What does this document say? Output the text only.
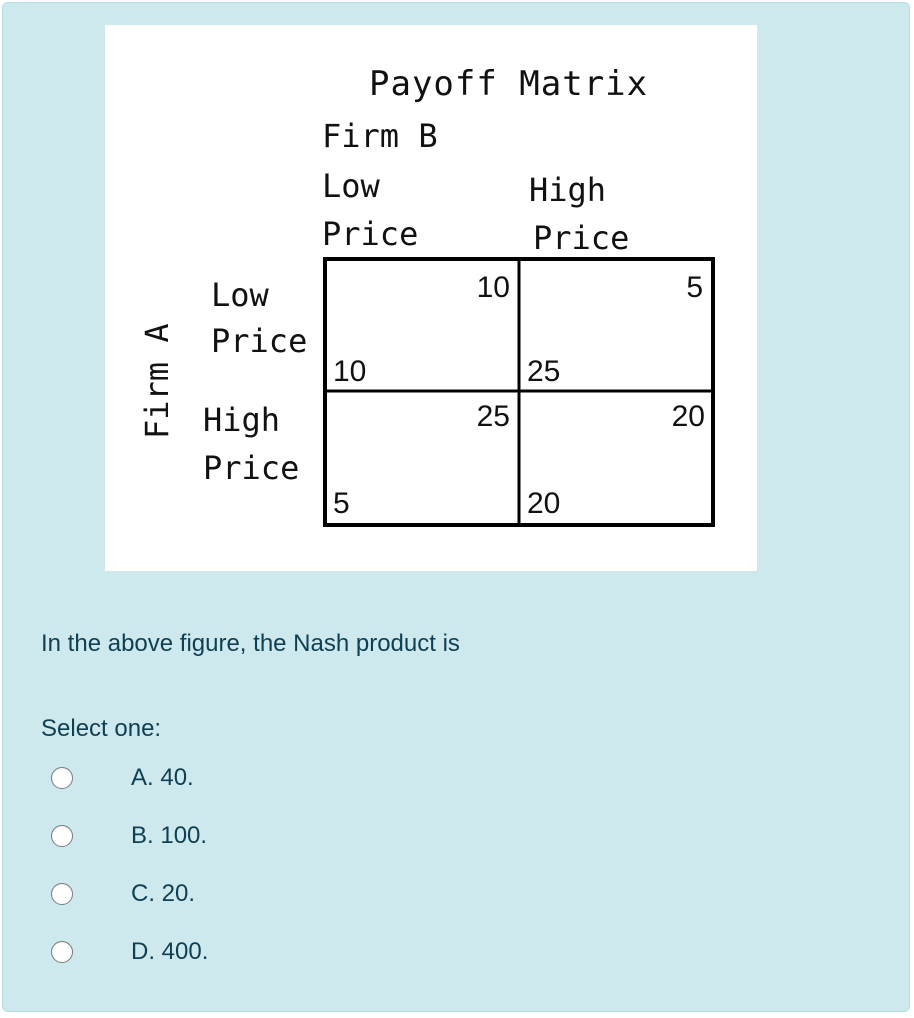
Payoff Matrix
Firm B
Low
Price
High
Price
Firm A
Low
Price
High
Price
10
10
5
25
25
5
20
20
In the above figure, the Nash product is
Select one:
A. 40.
B. 100.
C. 20.
D. 400.
